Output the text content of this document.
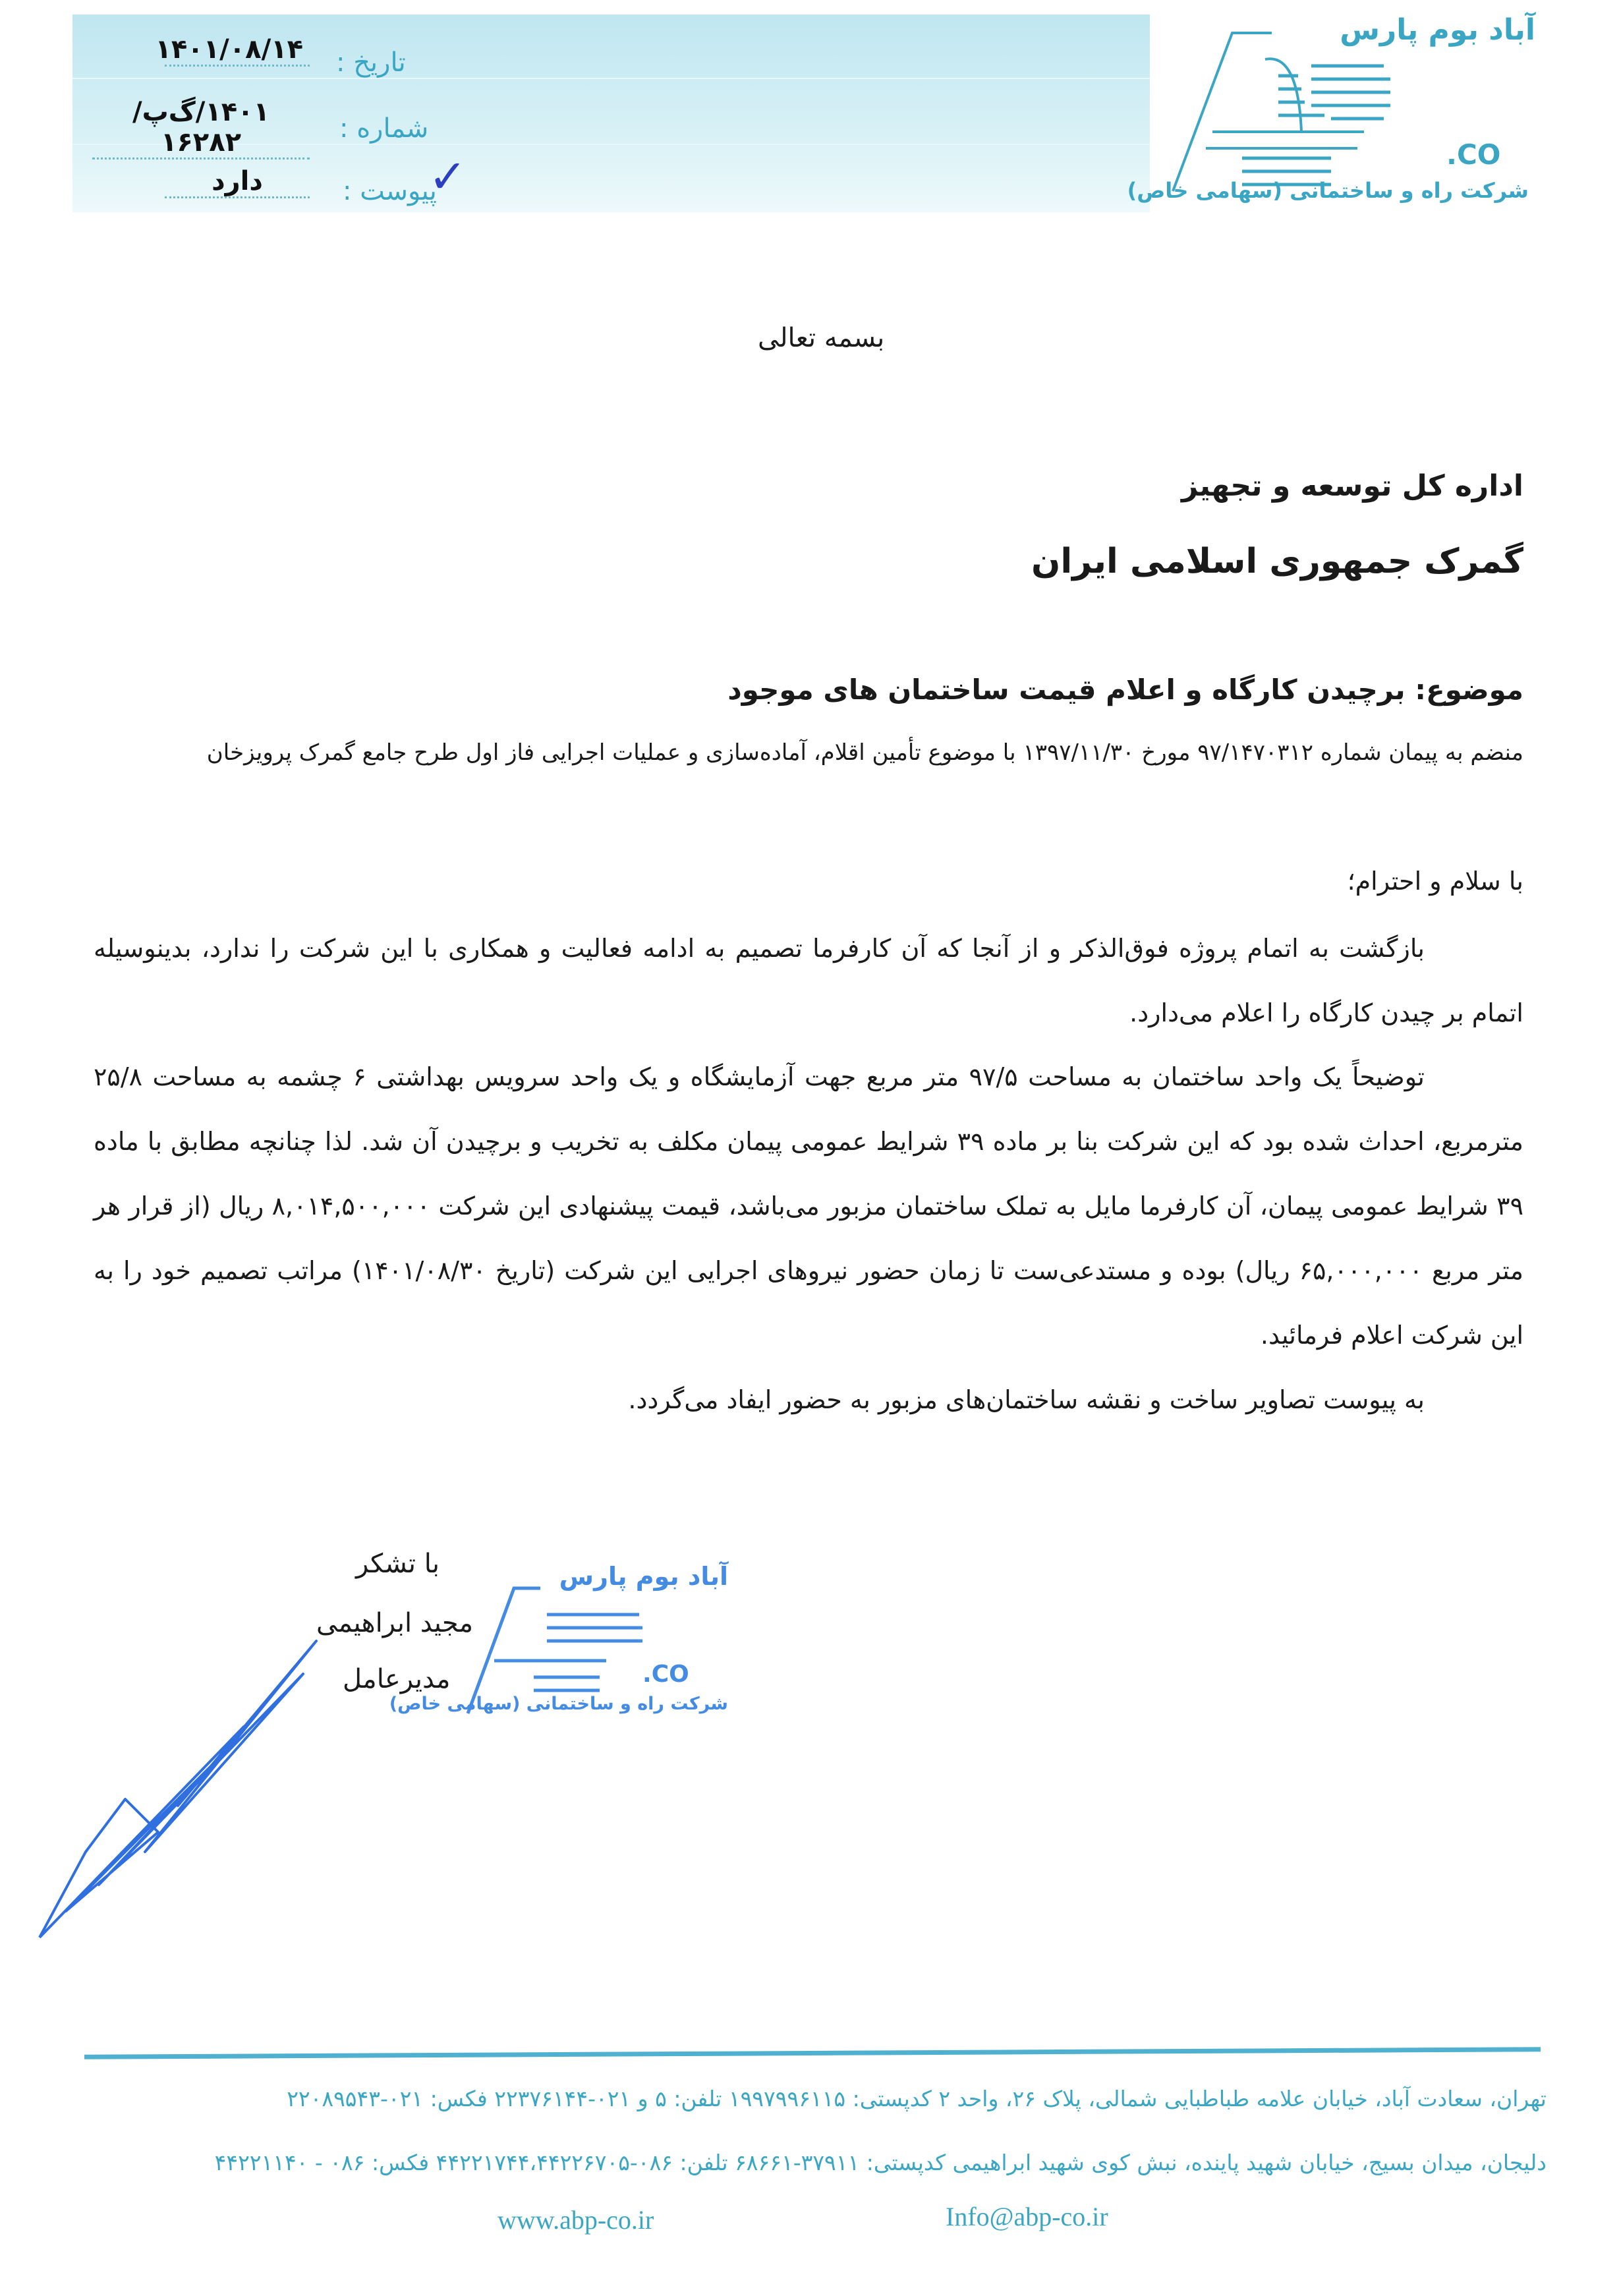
تاریخ :
۱۴۰۱/۰۸/۱۴
شماره :
۱۴۰۱/گ‌پ/۱۶۲۸۲
پیوست :
✓
دارد
آباد بوم پارس
CO.
شرکت راه و ساختمانی (سهامی خاص)
بسمه تعالی
اداره کل توسعه و تجهیز
گمرک جمهوری اسلامی ایران
موضوع: برچیدن کارگاه و اعلام قیمت ساختمان های موجود
منضم به پیمان شماره ۹۷/۱۴۷۰۳۱۲ مورخ ۱۳۹۷/۱۱/۳۰ با موضوع تأمین اقلام، آماده‌سازی و عملیات اجرایی فاز اول طرح جامع گمرک پرویزخان
با سلام و احترام؛
بازگشت به اتمام پروژه فوق‌الذکر و از آنجا که آن کارفرما تصمیم به ادامه فعالیت و همکاری با این شرکت را ندارد، بدینوسیله اتمام بر چیدن کارگاه را اعلام می‌دارد.
توضیحاً یک واحد ساختمان به مساحت ۹۷/۵ متر مربع جهت آزمایشگاه و یک واحد سرویس بهداشتی ۶ چشمه به مساحت ۲۵/۸ مترمربع، احداث شده بود که این شرکت بنا بر ماده ۳۹ شرایط عمومی پیمان مکلف به تخریب و برچیدن آن شد. لذا چنانچه مطابق با ماده ۳۹ شرایط عمومی پیمان، آن کارفرما مایل به تملک ساختمان مزبور می‌باشد، قیمت پیشنهادی این شرکت ۸,۰۱۴,۵۰۰,۰۰۰ ریال (از قرار هر متر مربع ۶۵,۰۰۰,۰۰۰ ریال) بوده و مستدعی‌ست تا زمان حضور نیروهای اجرایی این شرکت (تاریخ ۱۴۰۱/۰۸/۳۰) مراتب تصمیم خود را به این شرکت اعلام فرمائید.
به پیوست تصاویر ساخت و نقشه ساختمان‌های مزبور به حضور ایفاد می‌گردد.
با تشکر
مجید ابراهیمی
مدیرعامل
آباد بوم پارس
CO.
شرکت راه و ساختمانی (سهامی خاص)
تهران، سعادت آباد، خیابان علامه طباطبایی شمالی، پلاک ۲۶، واحد ۲ کدپستی: ۱۹۹۷۹۹۶۱۱۵ تلفن: ۵ و ۰۲۱-۲۲۳۷۶۱۴۴ فکس: ۰۲۱-۲۲۰۸۹۵۴۳
دلیجان، میدان بسیج، خیابان شهید پاینده، نبش کوی شهید ابراهیمی کدپستی: ۳۷۹۱۱-۶۸۶۶۱ تلفن: ۰۸۶-۴۴۲۲۱۷۴۴،۴۴۲۲۶۷۰۵ فکس: ۰۸۶ - ۴۴۲۲۱۱۴۰
www.abp-co.ir	Info@abp-co.ir
